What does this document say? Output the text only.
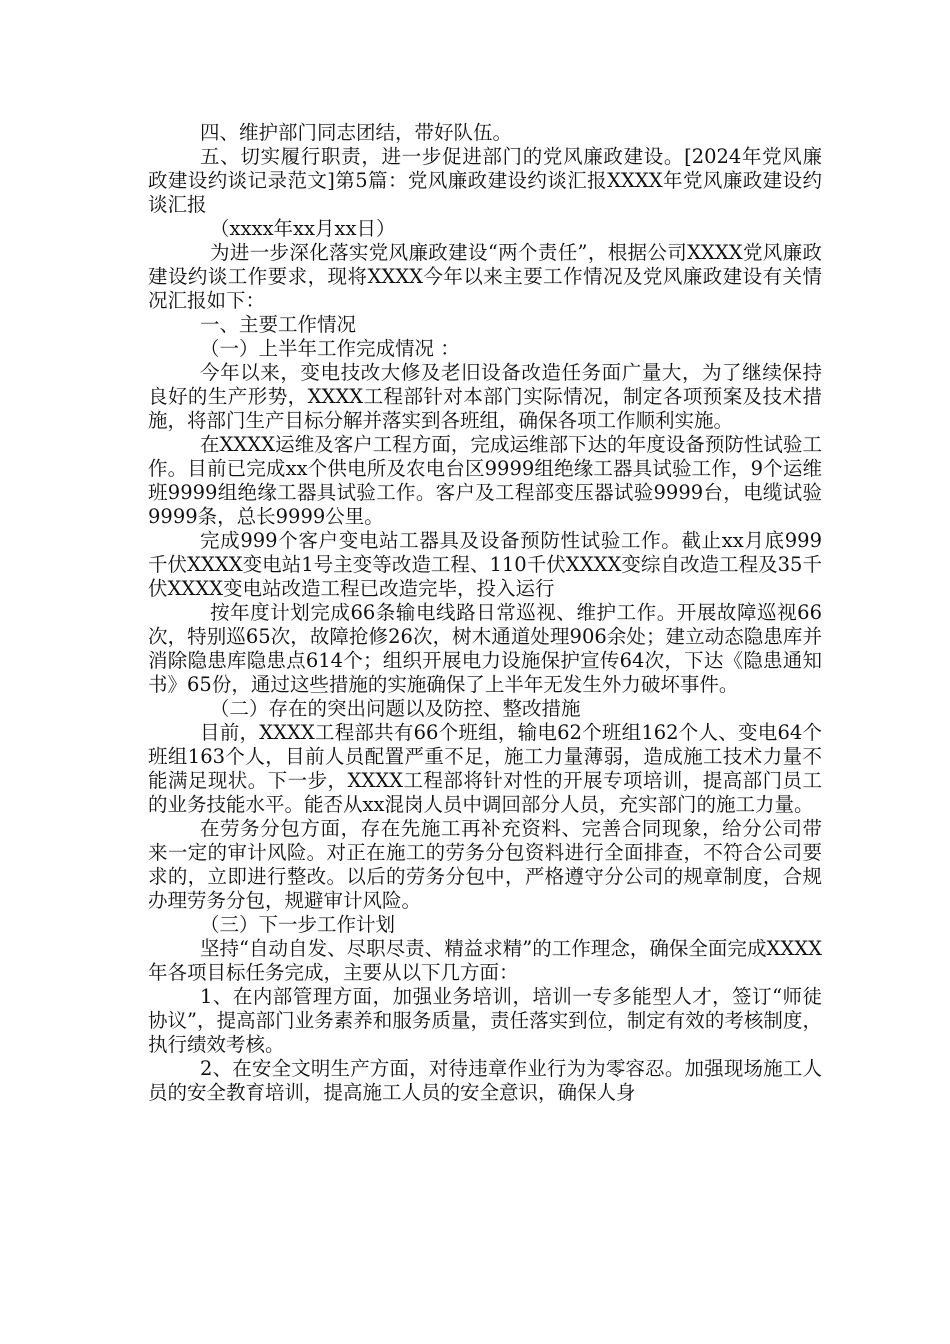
四、维护部门同志团结，带好队伍。

五、切实履行职责，进一步促进部门的党风廉政建设。[2024年党风廉政建设约谈记录范文]第5篇：党风廉政建设约谈汇报XXXX年党风廉政建设约谈汇报

（xxxx年xx月xx日）

为进一步深化落实党风廉政建设“两个责任”，根据公司XXXX党风廉政建设约谈工作要求，现将XXXX今年以来主要工作情况及党风廉政建设有关情况汇报如下：

一、主要工作情况

（一）上半年工作完成情况 ：

今年以来，变电技改大修及老旧设备改造任务面广量大，为了继续保持良好的生产形势，XXXX工程部针对本部门实际情况，制定各项预案及技术措施，将部门生产目标分解并落实到各班组，确保各项工作顺利实施。

在XXXX运维及客户工程方面，完成运维部下达的年度设备预防性试验工作。目前已完成xx个供电所及农电台区9999组绝缘工器具试验工作，9个运维班9999组绝缘工器具试验工作。客户及工程部变压器试验9999台，电缆试验9999条，总长9999公里。

完成999个客户变电站工器具及设备预防性试验工作。截止xx月底999千伏XXXX变电站1号主变等改造工程、110千伏XXXX变综自改造工程及35千伏XXXX变电站改造工程已改造完毕，投入运行

按年度计划完成66条输电线路日常巡视、维护工作。开展故障巡视66次，特别巡65次，故障抢修26次，树木通道处理906余处；建立动态隐患库并消除隐患库隐患点614个；组织开展电力设施保护宣传64次，下达《隐患通知书》65份，通过这些措施的实施确保了上半年无发生外力破坏事件。

（二）存在的突出问题以及防控、整改措施

目前，XXXX工程部共有66个班组，输电62个班组162个人、变电64个班组163个人，目前人员配置严重不足，施工力量薄弱，造成施工技术力量不能满足现状。下一步，XXXX工程部将针对性的开展专项培训，提高部门员工的业务技能水平。能否从xx混岗人员中调回部分人员，充实部门的施工力量。

在劳务分包方面，存在先施工再补充资料、完善合同现象，给分公司带来一定的审计风险。对正在施工的劳务分包资料进行全面排查，不符合公司要求的，立即进行整改。以后的劳务分包中，严格遵守分公司的规章制度，合规办理劳务分包，规避审计风险。

（三）下一步工作计划

坚持“自动自发、尽职尽责、精益求精”的工作理念，确保全面完成XXXX年各项目标任务完成，主要从以下几方面：

1、在内部管理方面，加强业务培训，培训一专多能型人才，签订“师徒协议”，提高部门业务素养和服务质量，责任落实到位，制定有效的考核制度，执行绩效考核。

2、在安全文明生产方面，对待违章作业行为为零容忍。加强现场施工人员的安全教育培训，提高施工人员的安全意识，确保人身
